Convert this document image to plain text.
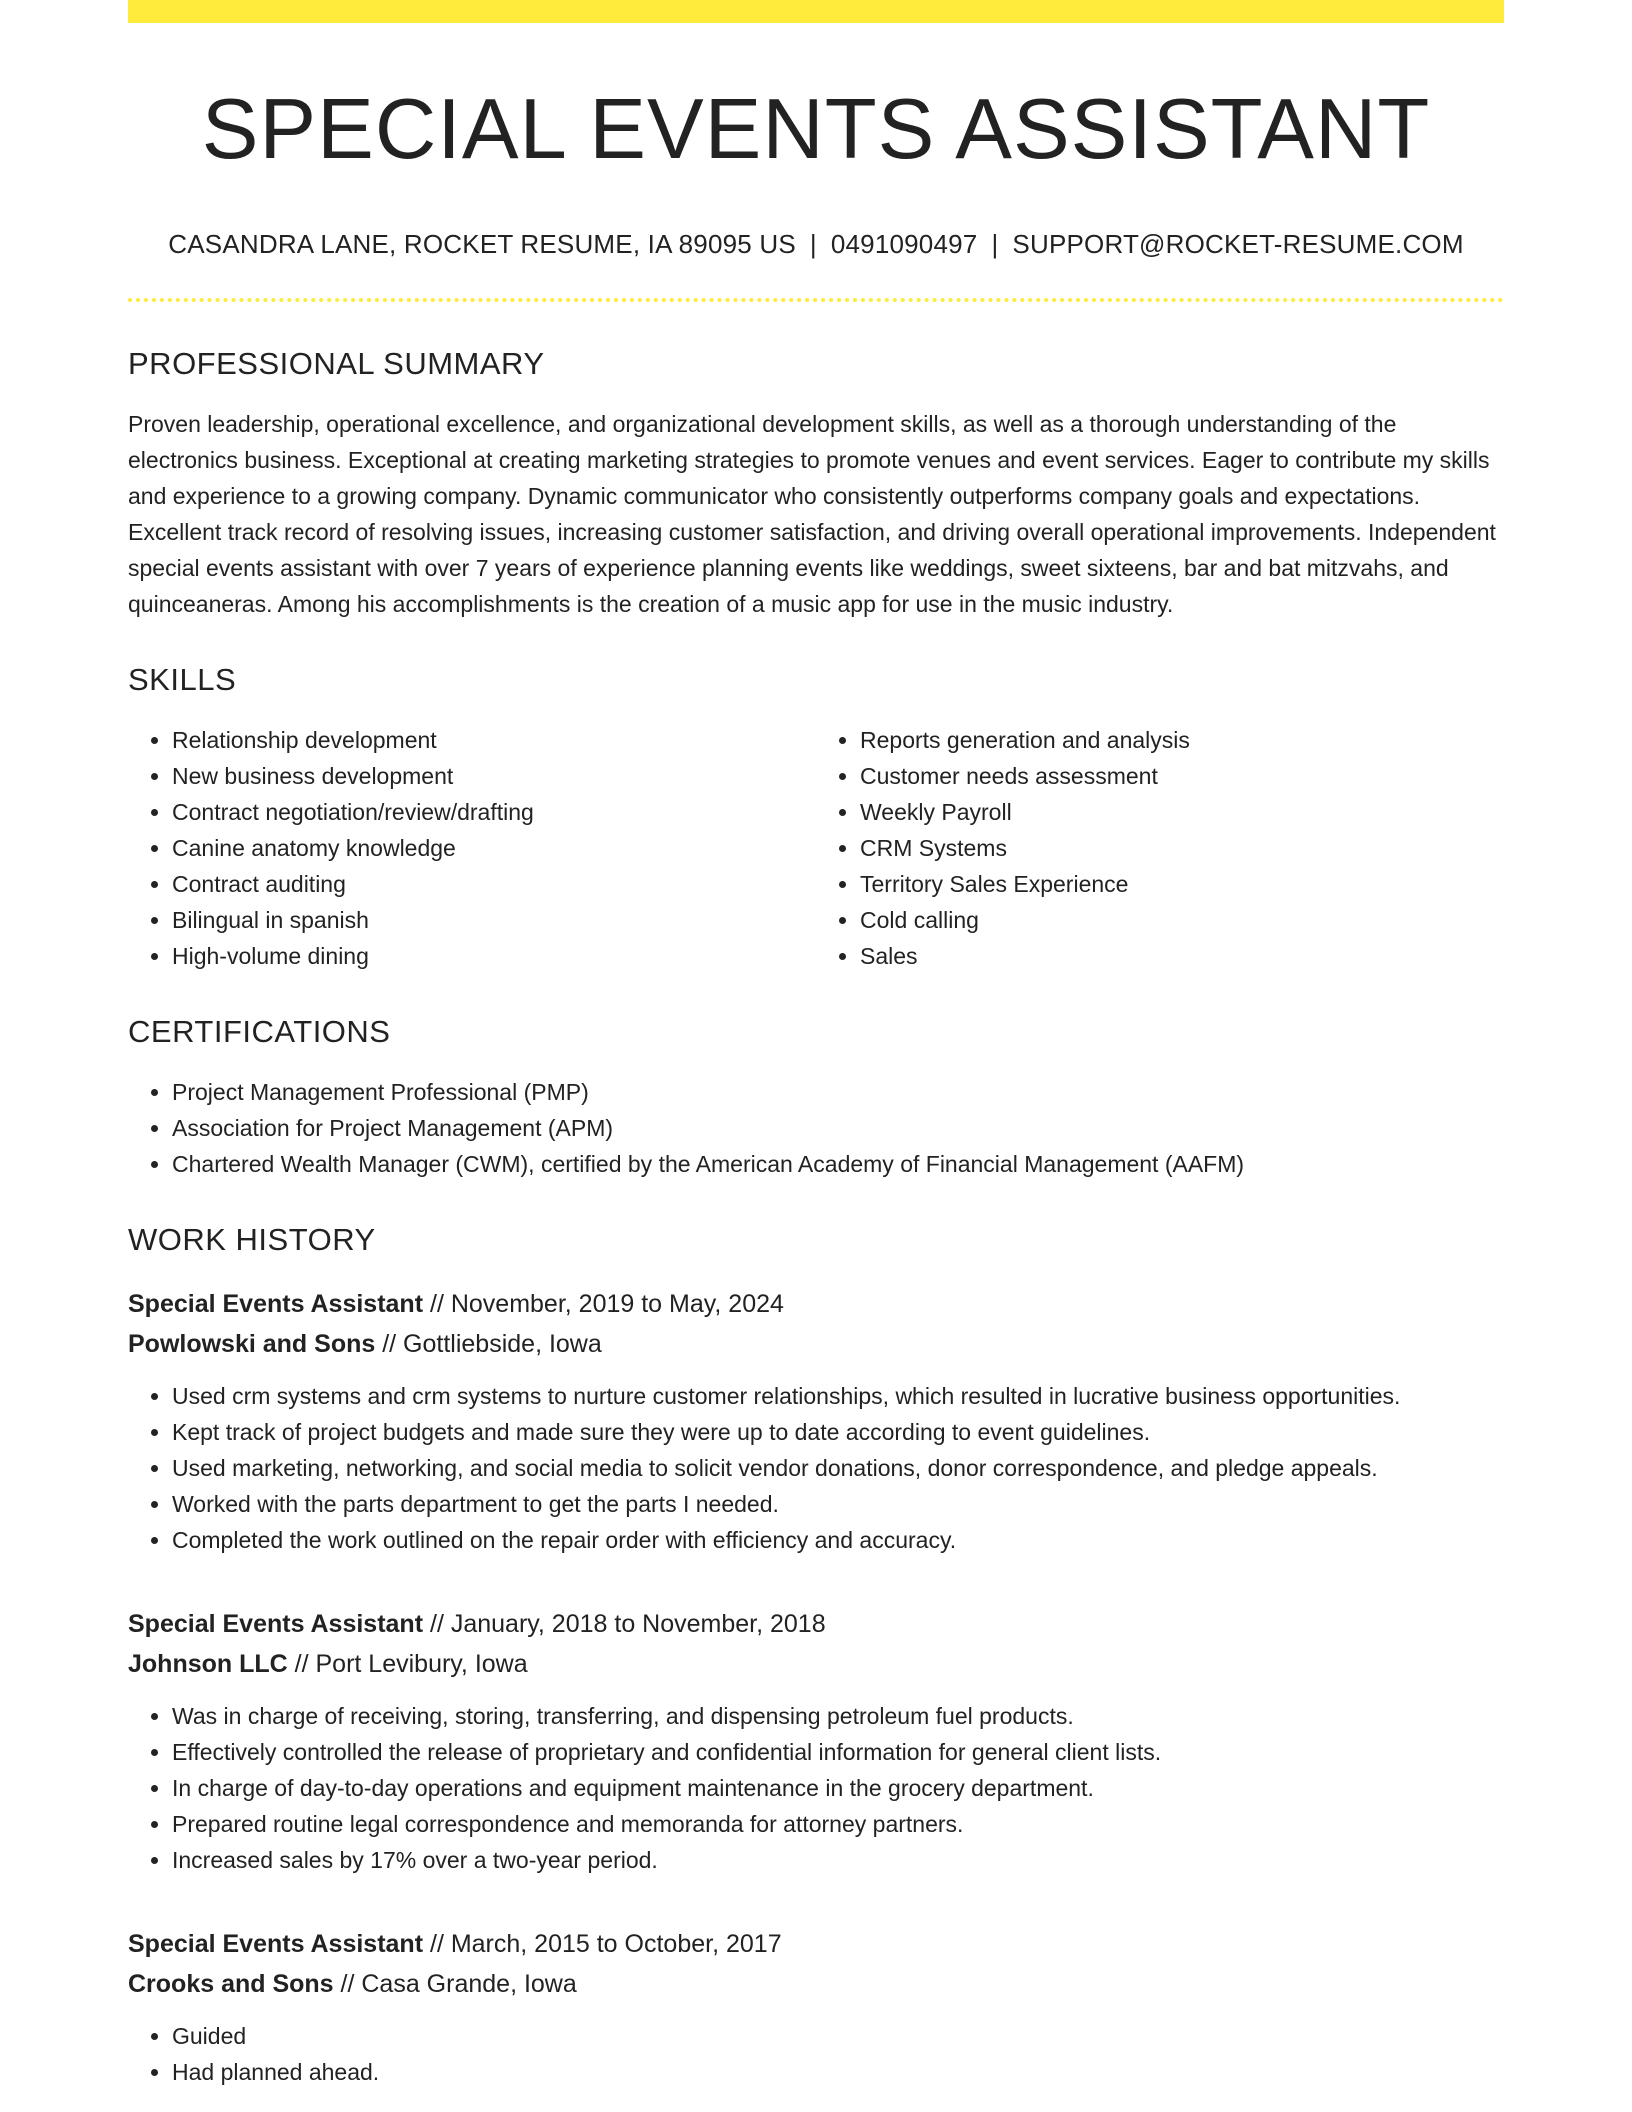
SPECIAL EVENTS ASSISTANT
CASANDRA LANE, ROCKET RESUME, IA 89095 US | 0491090497 | SUPPORT@ROCKET-RESUME.COM
PROFESSIONAL SUMMARY

Proven leadership, operational excellence, and organizational development skills, as well as a thorough understanding of the electronics business. Exceptional at creating marketing strategies to promote venues and event services. Eager to contribute my skills and experience to a growing company. Dynamic communicator who consistently outperforms company goals and expectations. Excellent track record of resolving issues, increasing customer satisfaction, and driving overall operational improvements. Independent special events assistant with over 7 years of experience planning events like weddings, sweet sixteens, bar and bat mitzvahs, and quinceaneras. Among his accomplishments is the creation of a music app for use in the music industry.

SKILLS
• Relationship development
• New business development
• Contract negotiation/review/drafting
• Canine anatomy knowledge
• Contract auditing
• Bilingual in spanish
• High-volume dining
• Reports generation and analysis
• Customer needs assessment
• Weekly Payroll
• CRM Systems
• Territory Sales Experience
• Cold calling
• Sales
CERTIFICATIONS
• Project Management Professional (PMP)
• Association for Project Management (APM)
• Chartered Wealth Manager (CWM), certified by the American Academy of Financial Management (AAFM)
WORK HISTORY
Special Events Assistant // November, 2019 to May, 2024
Powlowski and Sons // Gottliebside, Iowa
• Used crm systems and crm systems to nurture customer relationships, which resulted in lucrative business opportunities.
• Kept track of project budgets and made sure they were up to date according to event guidelines.
• Used marketing, networking, and social media to solicit vendor donations, donor correspondence, and pledge appeals.
• Worked with the parts department to get the parts I needed.
• Completed the work outlined on the repair order with efficiency and accuracy.
Special Events Assistant // January, 2018 to November, 2018
Johnson LLC // Port Levibury, Iowa
• Was in charge of receiving, storing, transferring, and dispensing petroleum fuel products.
• Effectively controlled the release of proprietary and confidential information for general client lists.
• In charge of day-to-day operations and equipment maintenance in the grocery department.
• Prepared routine legal correspondence and memoranda for attorney partners.
• Increased sales by 17% over a two-year period.
Special Events Assistant // March, 2015 to October, 2017
Crooks and Sons // Casa Grande, Iowa
• Guided
• Had planned ahead.
